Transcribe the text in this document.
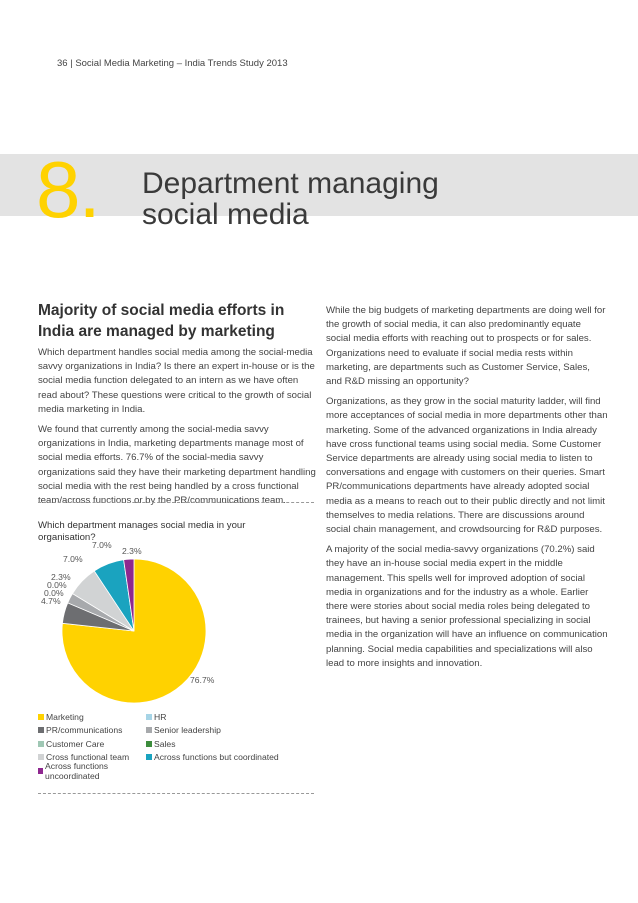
36 | Social Media Marketing – India Trends Study 2013
8. Department managing
social media
Majority of social media efforts in India are managed by marketing

Which department handles social media among the social-media savvy organizations in India? Is there an expert in-house or is the social media function delegated to an intern as we have often read about? These questions were critical to the growth of social media marketing in India.

We found that currently among the social-media savvy organizations in India, marketing departments manage most of social media efforts. 76.7% of the social-media savvy organizations said they have their marketing department handling social media with the rest being handled by a cross functional team/across functions or by the PR/communications team.

While the big budgets of marketing departments are doing well for the growth of social media, it can also predominantly equate social media efforts with reaching out to prospects or for sales. Organizations need to evaluate if social media rests within marketing, are departments such as Customer Service, Sales, and R&D missing an opportunity?

Organizations, as they grow in the social maturity ladder, will find more acceptances of social media in more departments other than marketing. Some of the advanced organizations in India already have cross functional teams using social media. Some Customer Service departments are already using social media to listen to conversations and engage with customers on their queries. Smart PR/communications departments have already adopted social media as a means to reach out to their public directly and not limit themselves to media relations. There are discussions around social chain management, and crowdsourcing for R&D purposes.

A majority of the social media-savvy organizations (70.2%) said they have an in-house social media expert in the middle management. This spells well for improved adoption of social media in organizations and for the industry as a whole. Earlier there were stories about social media roles being delegated to trainees, but having a senior professional specializing in social media in the organization will have an influence on communication planning. Social media capabilities and specializations will also lead to more insights and innovation.

Which department manages social media in your organisation?
76.7%
4.7%
0.0%
0.0%
2.3%
7.0%
7.0%
2.3%
Marketing	HR
PR/communications	Senior leadership
Customer Care	Sales
Cross functional team	Across functions but coordinated
Across functions uncoordinated
